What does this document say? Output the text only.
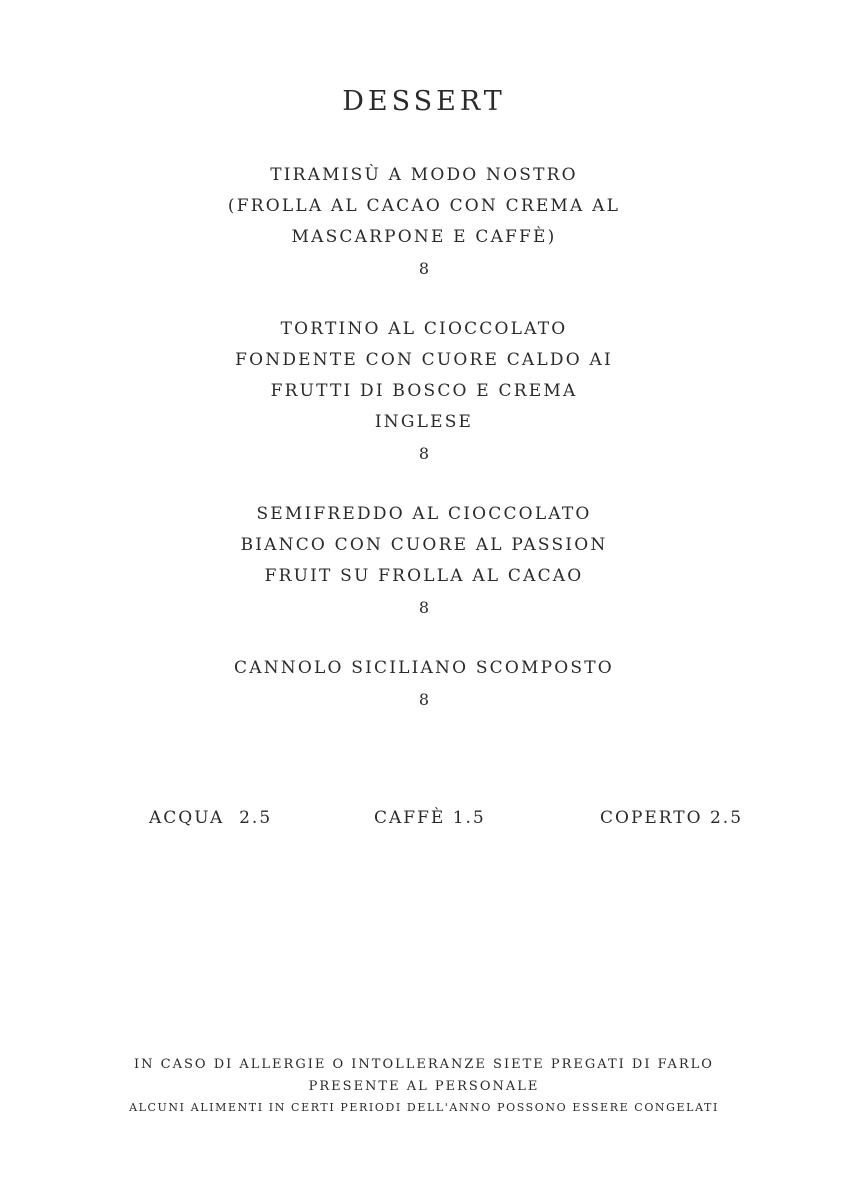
DESSERT
TIRAMISÙ A MODO NOSTRO
(FROLLA AL CACAO CON CREMA AL
MASCARPONE E CAFFÈ)
8
TORTINO AL CIOCCOLATO
FONDENTE CON CUORE CALDO AI
FRUTTI DI BOSCO E CREMA
INGLESE
8
SEMIFREDDO AL CIOCCOLATO
BIANCO CON CUORE AL PASSION
FRUIT SU FROLLA AL CACAO
8
CANNOLO SICILIANO SCOMPOSTO
8
ACQUA  2.5	CAFFÈ 1.5	COPERTO 2.5
IN CASO DI ALLERGIE O INTOLLERANZE SIETE PREGATI DI FARLO
PRESENTE AL PERSONALE
ALCUNI ALIMENTI IN CERTI PERIODI DELL'ANNO POSSONO ESSERE CONGELATI
